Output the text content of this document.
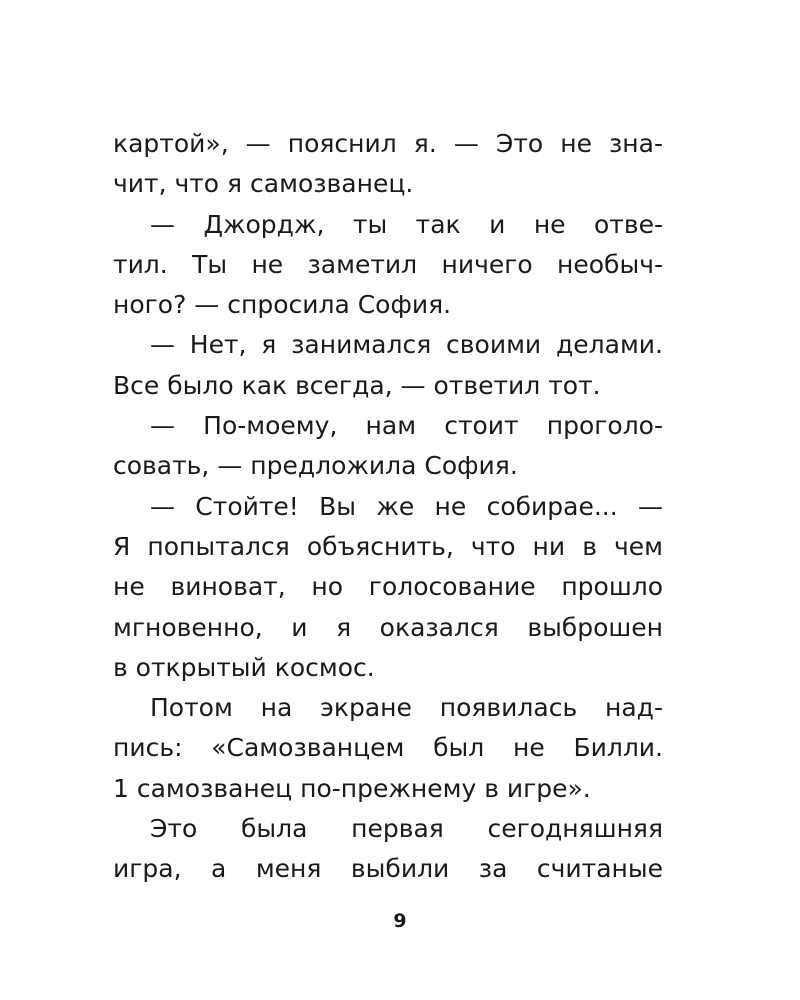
картой», — пояснил я. — Это не зна-
чит, что я самозванец.
— Джордж, ты так и не отве-
тил. Ты не заметил ничего необыч-
ного? — спросила София.
— Нет, я занимался своими делами.
Все было как всегда, — ответил тот.
— По-моему, нам стоит проголо-
совать, — предложила София.
— Стойте! Вы же не собирае... —
Я попытался объяснить, что ни в чем
не виноват, но голосование прошло
мгновенно, и я оказался выброшен
в открытый космос.
Потом на экране появилась над-
пись: «Самозванцем был не Билли.
1 самозванец по-прежнему в игре».
Это была первая сегодняшняя
игра, а меня выбили за считаные
9
